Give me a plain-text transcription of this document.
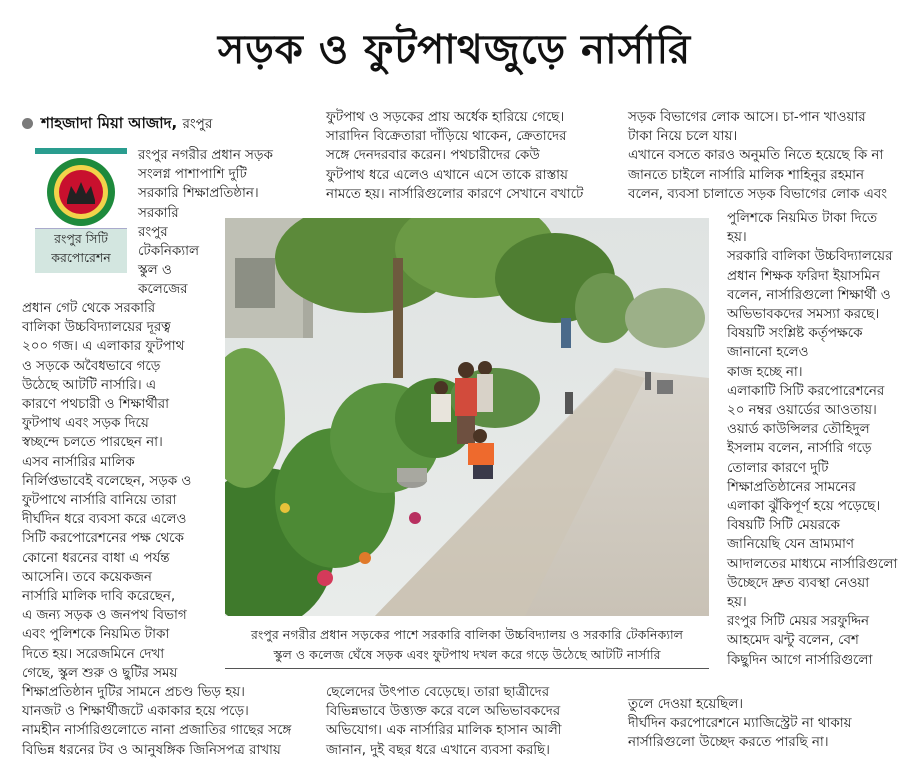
সড়ক ও ফুটপাথজুড়ে নার্সারি
শাহজাদা মিয়া আজাদ, রংপুর
রংপুর সিটি
করপোরেশন

রংপুর নগরীর প্রধান সড়ক

সংলগ্ন পাশাপাশি দুটি

সরকারি শিক্ষাপ্রতিষ্ঠান।

সরকারি

রংপুর

টেকনিক্যাল

স্কুল ও

কলেজের

প্রধান গেট থেকে সরকারি

বালিকা উচ্চবিদ্যালয়ের দূরত্ব

২০০ গজ। এ এলাকার ফুটপাথ

ও সড়কে অবৈধভাবে গড়ে

উঠেছে আটটি নার্সারি। এ

কারণে পথচারী ও শিক্ষার্থীরা

ফুটপাথ এবং সড়ক দিয়ে

স্বচ্ছন্দে চলতে পারছেন না।

এসব নার্সারির মালিক

নির্লিপ্তভাবেই বলেছেন, সড়ক ও

ফুটপাথে নার্সারি বানিয়ে তারা

দীর্ঘদিন ধরে ব্যবসা করে এলেও

সিটি করপোরেশনের পক্ষ থেকে

কোনো ধরনের বাধা এ পর্যন্ত

আসেনি। তবে কয়েকজন

নার্সারি মালিক দাবি করেছেন,

এ জন্য সড়ক ও জনপথ বিভাগ

এবং পুলিশকে নিয়মিত টাকা

দিতে হয়। সরেজমিনে দেখা

গেছে, স্কুল শুরু ও ছুটির সময়

শিক্ষাপ্রতিষ্ঠান দুটির সামনে প্রচণ্ড ভিড় হয়।

যানজট ও শিক্ষার্থীজটে একাকার হয়ে পড়ে।

নামহীন নার্সারিগুলোতে নানা প্রজাতির গাছের সঙ্গে

বিভিন্ন ধরনের টব ও আনুষঙ্গিক জিনিসপত্র রাখায়

ফুটপাথ ও সড়কের প্রায় অর্ধেক হারিয়ে গেছে।

সারাদিন বিক্রেতারা দাঁড়িয়ে থাকেন, ক্রেতাদের

সঙ্গে দেনদরবার করেন। পথচারীদের কেউ

ফুটপাথ ধরে এলেও এখানে এসে তাকে রাস্তায়

নামতে হয়। নার্সারিগুলোর কারণে সেখানে বখাটে

ছেলেদের উৎপাত বেড়েছে। তারা ছাত্রীদের

বিভিন্নভাবে উত্ত্যক্ত করে বলে অভিভাবকদের

অভিযোগ। এক নার্সারির মালিক হাসান আলী

জানান, দুই বছর ধরে এখানে ব্যবসা করছি।

সড়ক বিভাগের লোক আসে। চা-পান খাওয়ার

টাকা নিয়ে চলে যায়।

এখানে বসতে কারও অনুমতি নিতে হয়েছে কি না

জানতে চাইলে নার্সারি মালিক শাহিনুর রহমান

বলেন, ব্যবসা চালাতে সড়ক বিভাগের লোক এবং

পুলিশকে নিয়মিত টাকা দিতে

হয়।

সরকারি বালিকা উচ্চবিদ্যালয়ের

প্রধান শিক্ষক ফরিদা ইয়াসমিন

বলেন, নার্সারিগুলো শিক্ষার্থী ও

অভিভাবকদের সমস্যা করছে।

বিষয়টি সংশ্লিষ্ট কর্তৃপক্ষকে

জানানো হলেও

কাজ হচ্ছে না।

এলাকাটি সিটি করপোরেশনের

২০ নম্বর ওয়ার্ডের আওতায়।

ওয়ার্ড কাউন্সিলর তৌহিদুল

ইসলাম বলেন, নার্সারি গড়ে

তোলার কারণে দুটি

শিক্ষাপ্রতিষ্ঠানের সামনের

এলাকা ঝুঁকিপূর্ণ হয়ে পড়েছে।

বিষয়টি সিটি মেয়রকে

জানিয়েছি যেন ভ্রাম্যমাণ

আদালতের মাধ্যমে নার্সারিগুলো

উচ্ছেদে দ্রুত ব্যবস্থা নেওয়া

হয়।

রংপুর সিটি মেয়র সরফুদ্দিন

আহমেদ ঝন্টু বলেন, বেশ

কিছুদিন আগে নার্সারিগুলো

তুলে দেওয়া হয়েছিল।

দীর্ঘদিন করপোরেশনে ম্যাজিস্ট্রেট না থাকায়

নার্সারিগুলো উচ্ছেদ করতে পারছি না।

রংপুর নগরীর প্রধান সড়কের পাশে সরকারি বালিকা উচ্চবিদ্যালয় ও সরকারি টেকনিক্যাল
স্কুল ও কলেজ ঘেঁষে সড়ক এবং ফুটপাথ দখল করে গড়ে উঠেছে আটটি নার্সারি
